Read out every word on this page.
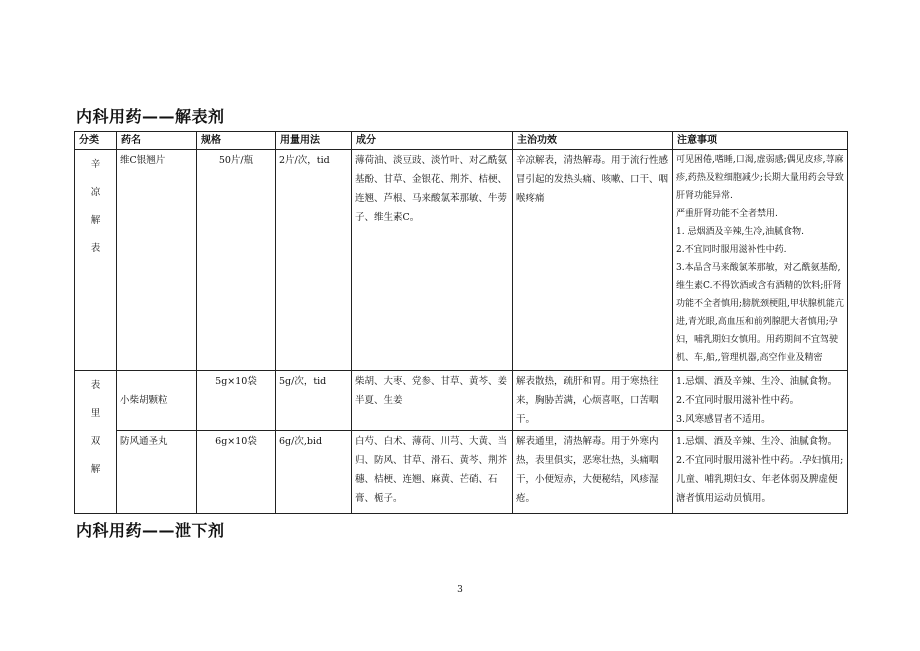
内科用药——解表剂
分类	药名	规格	用量用法	成分	主治功效	注意事项
辛凉解表	维C银翘片	50片/瓶	2片/次，tid	薄荷油、淡豆豉、淡竹叶、对乙酰氨基酚、甘草、金银花、荆芥、桔梗、连翘、芦根、马来酸氯苯那敏、牛蒡子、维生素C。	辛凉解表，清热解毒。用于流行性感冒引起的发热头痛、咳嗽、口干、咽喉疼痛	可见困倦,嗜睡,口渴,虚弱感;偶见皮疹,荨麻疹,药热及粒细胞减少;长期大量用药会导致肝肾功能异常.
严重肝肾功能不全者禁用.
1. 忌烟酒及辛辣,生冷,油腻食物.
2.不宜同时服用滋补性中药.
3.本品含马来酸氯苯那敏，对乙酰氨基酚,维生素C.不得饮酒或含有酒精的饮料;肝肾功能不全者慎用;膀胱颈梗阻,甲状腺机能亢进,青光眼,高血压和前列腺肥大者慎用;孕妇，哺乳期妇女慎用。用药期间不宜驾驶机、车,船,,管理机器,高空作业及精密

表里双解	小柴胡颗粒	5g×10袋	5g/次，tid	柴胡、大枣、党参、甘草、黄芩、姜半夏、生姜	解表散热，疏肝和胃。用于寒热往来，胸胁苦满，心烦喜呕，口苦咽干。	1.忌烟、酒及辛辣、生冷、油腻食物。2.不宜同时服用滋补性中药。
3.风寒感冒者不适用。

	防风通圣丸	6g×10袋	6g/次,bid	白芍、白术、薄荷、川芎、大黄、当归、防风、甘草、滑石、黄芩、荆芥穗、桔梗、连翘、麻黄、芒硝、石膏、栀子。	解表通里，清热解毒。用于外寒内热，表里俱实，恶寒壮热，头痛咽干，小便短赤，大便秘结，风疹湿疮。	1.忌烟、酒及辛辣、生冷、油腻食物。2.不宜同时服用滋补性中药。.孕妇慎用;　儿童、哺乳期妇女、年老体弱及脾虚便溏者慎用运动员慎用。
内科用药——泄下剂
3
